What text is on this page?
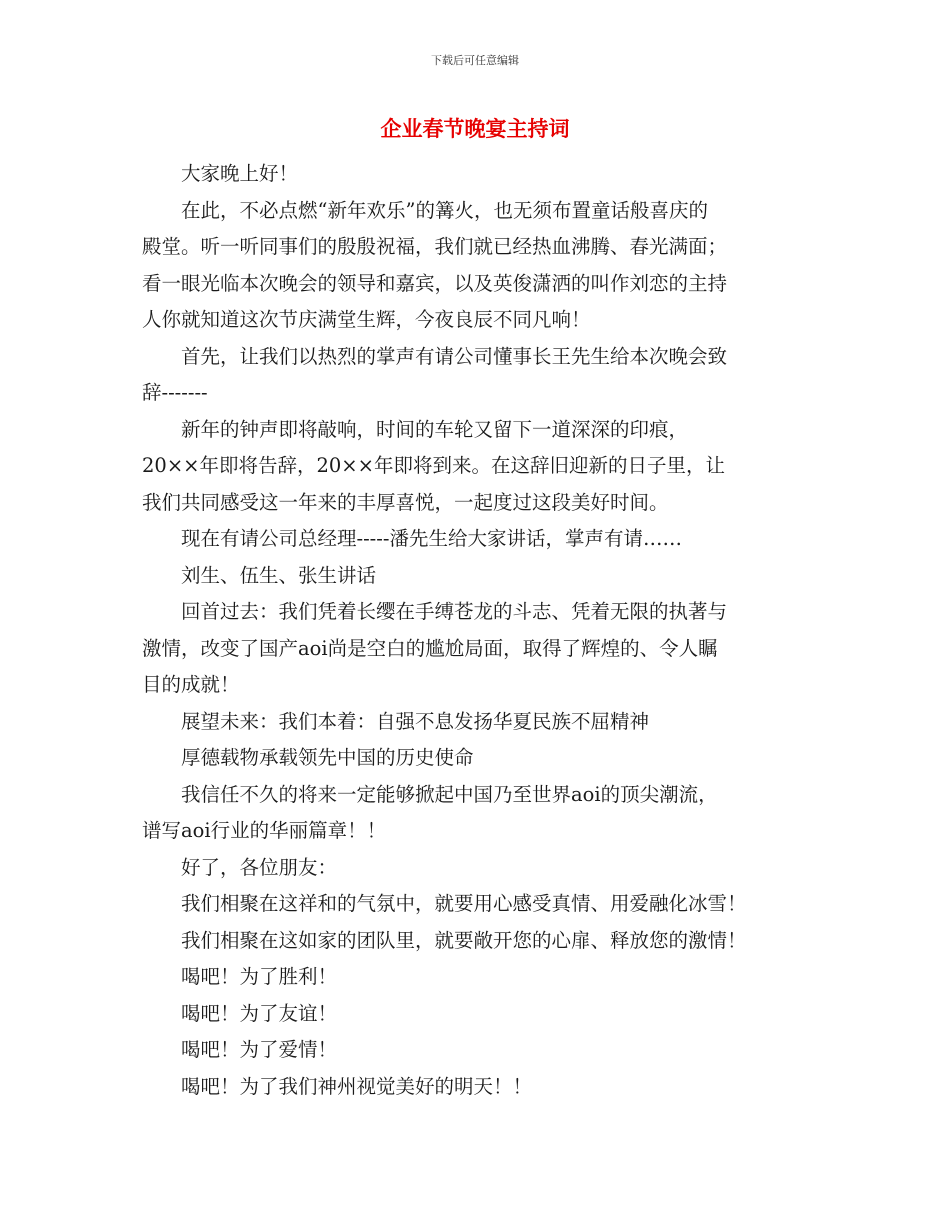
下载后可任意编辑
企业春节晚宴主持词

大家晚上好！

在此，不必点燃“新年欢乐”的篝火，也无须布置童话般喜庆的

殿堂。听一听同事们的殷殷祝福，我们就已经热血沸腾、春光满面；

看一眼光临本次晚会的领导和嘉宾，以及英俊潇洒的叫作刘恋的主持

人你就知道这次节庆满堂生辉，今夜良辰不同凡响！

首先，让我们以热烈的掌声有请公司懂事长王先生给本次晚会致

辞-------

新年的钟声即将敲响，时间的车轮又留下一道深深的印痕，

20××年即将告辞，20××年即将到来。在这辞旧迎新的日子里，让

我们共同感受这一年来的丰厚喜悦，一起度过这段美好时间。

现在有请公司总经理-----潘先生给大家讲话，掌声有请……

刘生、伍生、张生讲话

回首过去：我们凭着长缨在手缚苍龙的斗志、凭着无限的执著与

激情，改变了国产aoi尚是空白的尴尬局面，取得了辉煌的、令人瞩

目的成就！

展望未来：我们本着：自强不息发扬华夏民族不屈精神

厚德载物承载领先中国的历史使命

我信任不久的将来一定能够掀起中国乃至世界aoi的顶尖潮流，

谱写aoi行业的华丽篇章！！

好了，各位朋友：

我们相聚在这祥和的气氛中，就要用心感受真情、用爱融化冰雪！

我们相聚在这如家的团队里，就要敞开您的心扉、释放您的激情！

喝吧！为了胜利！

喝吧！为了友谊！

喝吧！为了爱情！

喝吧！为了我们神州视觉美好的明天！！
